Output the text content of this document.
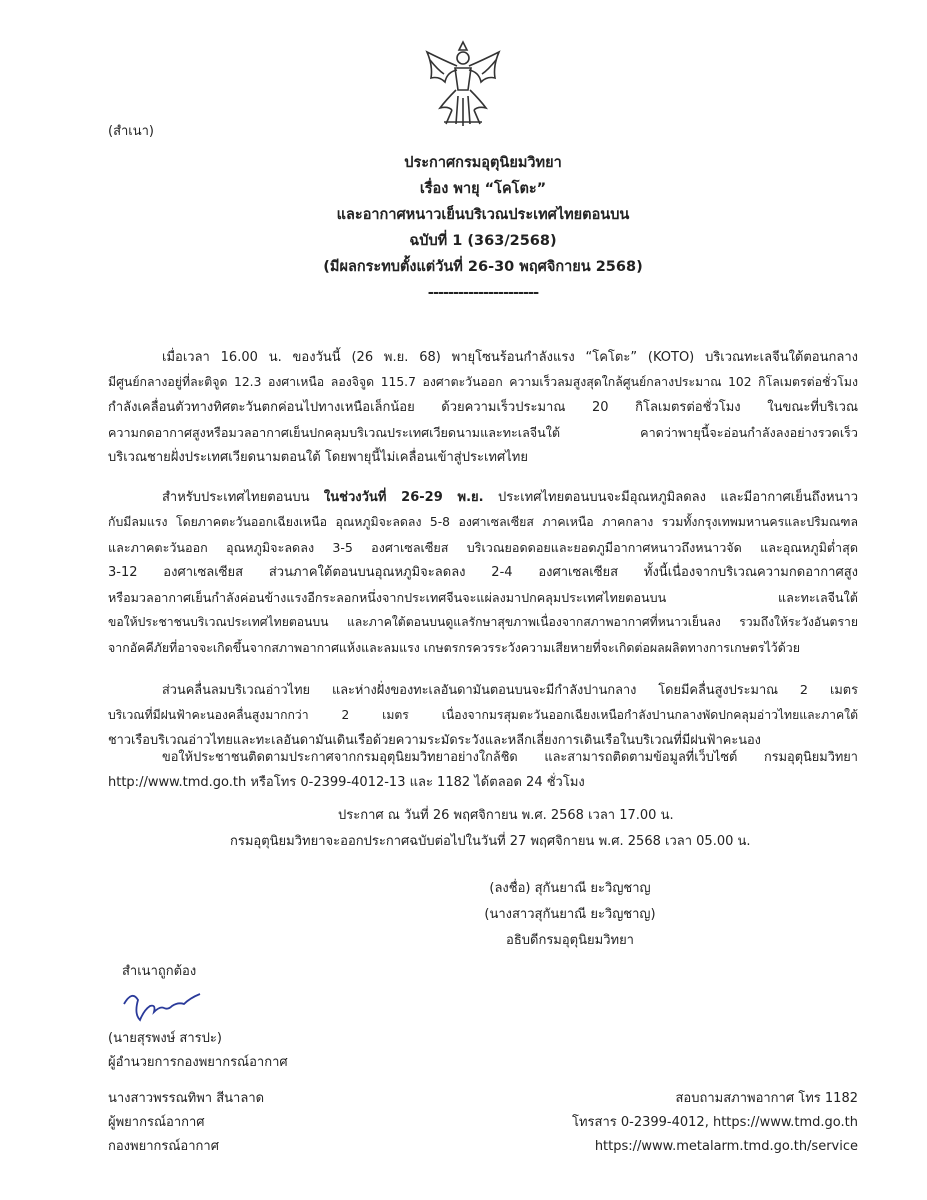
(สำเนา)
ประกาศกรมอุตุนิยมวิทยา
เรื่อง พายุ “โคโตะ”
และอากาศหนาวเย็นบริเวณประเทศไทยตอนบน
ฉบับที่ 1 (363/2568)
(มีผลกระทบตั้งแต่วันที่ 26-30 พฤศจิกายน 2568)
----------------------
เมื่อเวลา 16.00 น. ของวันนี้ (26 พ.ย. 68) พายุโซนร้อนกำลังแรง “โคโตะ” (KOTO) บริเวณทะเลจีนใต้ตอนกลาง
มีศูนย์กลางอยู่ที่ละติจูด 12.3 องศาเหนือ ลองจิจูด 115.7 องศาตะวันออก ความเร็วลมสูงสุดใกล้ศูนย์กลางประมาณ 102 กิโลเมตรต่อชั่วโมง
กำลังเคลื่อนตัวทางทิศตะวันตกค่อนไปทางเหนือเล็กน้อย ด้วยความเร็วประมาณ 20 กิโลเมตรต่อชั่วโมง ในขณะที่บริเวณ
ความกดอากาศสูงหรือมวลอากาศเย็นปกคลุมบริเวณประเทศเวียดนามและทะเลจีนใต้ คาดว่าพายุนี้จะอ่อนกำลังลงอย่างรวดเร็ว
บริเวณชายฝั่งประเทศเวียดนามตอนใต้ โดยพายุนี้ไม่เคลื่อนเข้าสู่ประเทศไทย
สำหรับประเทศไทยตอนบน ในช่วงวันที่ 26-29 พ.ย. ประเทศไทยตอนบนจะมีอุณหภูมิลดลง และมีอากาศเย็นถึงหนาว
กับมีลมแรง โดยภาคตะวันออกเฉียงเหนือ อุณหภูมิจะลดลง 5-8 องศาเซลเซียส ภาคเหนือ ภาคกลาง รวมทั้งกรุงเทพมหานครและปริมณฑล
และภาคตะวันออก อุณหภูมิจะลดลง 3-5 องศาเซลเซียส บริเวณยอดดอยและยอดภูมีอากาศหนาวถึงหนาวจัด และอุณหภูมิต่ำสุด
3-12 องศาเซลเซียส ส่วนภาคใต้ตอนบนอุณหภูมิจะลดลง 2-4 องศาเซลเซียส ทั้งนี้เนื่องจากบริเวณความกดอากาศสูง
หรือมวลอากาศเย็นกำลังค่อนข้างแรงอีกระลอกหนึ่งจากประเทศจีนจะแผ่ลงมาปกคลุมประเทศไทยตอนบน และทะเลจีนใต้
ขอให้ประชาชนบริเวณประเทศไทยตอนบน และภาคใต้ตอนบนดูแลรักษาสุขภาพเนื่องจากสภาพอากาศที่หนาวเย็นลง รวมถึงให้ระวังอันตราย
จากอัคคีภัยที่อาจจะเกิดขึ้นจากสภาพอากาศแห้งและลมแรง เกษตรกรควรระวังความเสียหายที่จะเกิดต่อผลผลิตทางการเกษตรไว้ด้วย
ส่วนคลื่นลมบริเวณอ่าวไทย และห่างฝั่งของทะเลอันดามันตอนบนจะมีกำลังปานกลาง โดยมีคลื่นสูงประมาณ 2 เมตร
บริเวณที่มีฝนฟ้าคะนองคลื่นสูงมากกว่า 2 เมตร เนื่องจากมรสุมตะวันออกเฉียงเหนือกำลังปานกลางพัดปกคลุมอ่าวไทยและภาคใต้
ชาวเรือบริเวณอ่าวไทยและทะเลอันดามันเดินเรือด้วยความระมัดระวังและหลีกเลี่ยงการเดินเรือในบริเวณที่มีฝนฟ้าคะนอง
ขอให้ประชาชนติดตามประกาศจากกรมอุตุนิยมวิทยาอย่างใกล้ชิด และสามารถติดตามข้อมูลที่เว็บไซต์ กรมอุตุนิยมวิทยา
http://www.tmd.go.th หรือโทร 0-2399-4012-13 และ 1182 ได้ตลอด 24 ชั่วโมง
ประกาศ ณ วันที่ 26 พฤศจิกายน พ.ศ. 2568 เวลา 17.00 น.
กรมอุตุนิยมวิทยาจะออกประกาศฉบับต่อไปในวันที่ 27 พฤศจิกายน พ.ศ. 2568 เวลา 05.00 น.
(ลงชื่อ) สุกันยาณี ยะวิญชาญ
(นางสาวสุกันยาณี ยะวิญชาญ)
อธิบดีกรมอุตุนิยมวิทยา
สำเนาถูกต้อง
(นายสุรพงษ์ สารปะ)
ผู้อำนวยการกองพยากรณ์อากาศ
นางสาวพรรณทิพา สีนาลาด
ผู้พยากรณ์อากาศ
กองพยากรณ์อากาศ
สอบถามสภาพอากาศ โทร 1182
โทรสาร 0-2399-4012, https://www.tmd.go.th
https://www.metalarm.tmd.go.th/service
